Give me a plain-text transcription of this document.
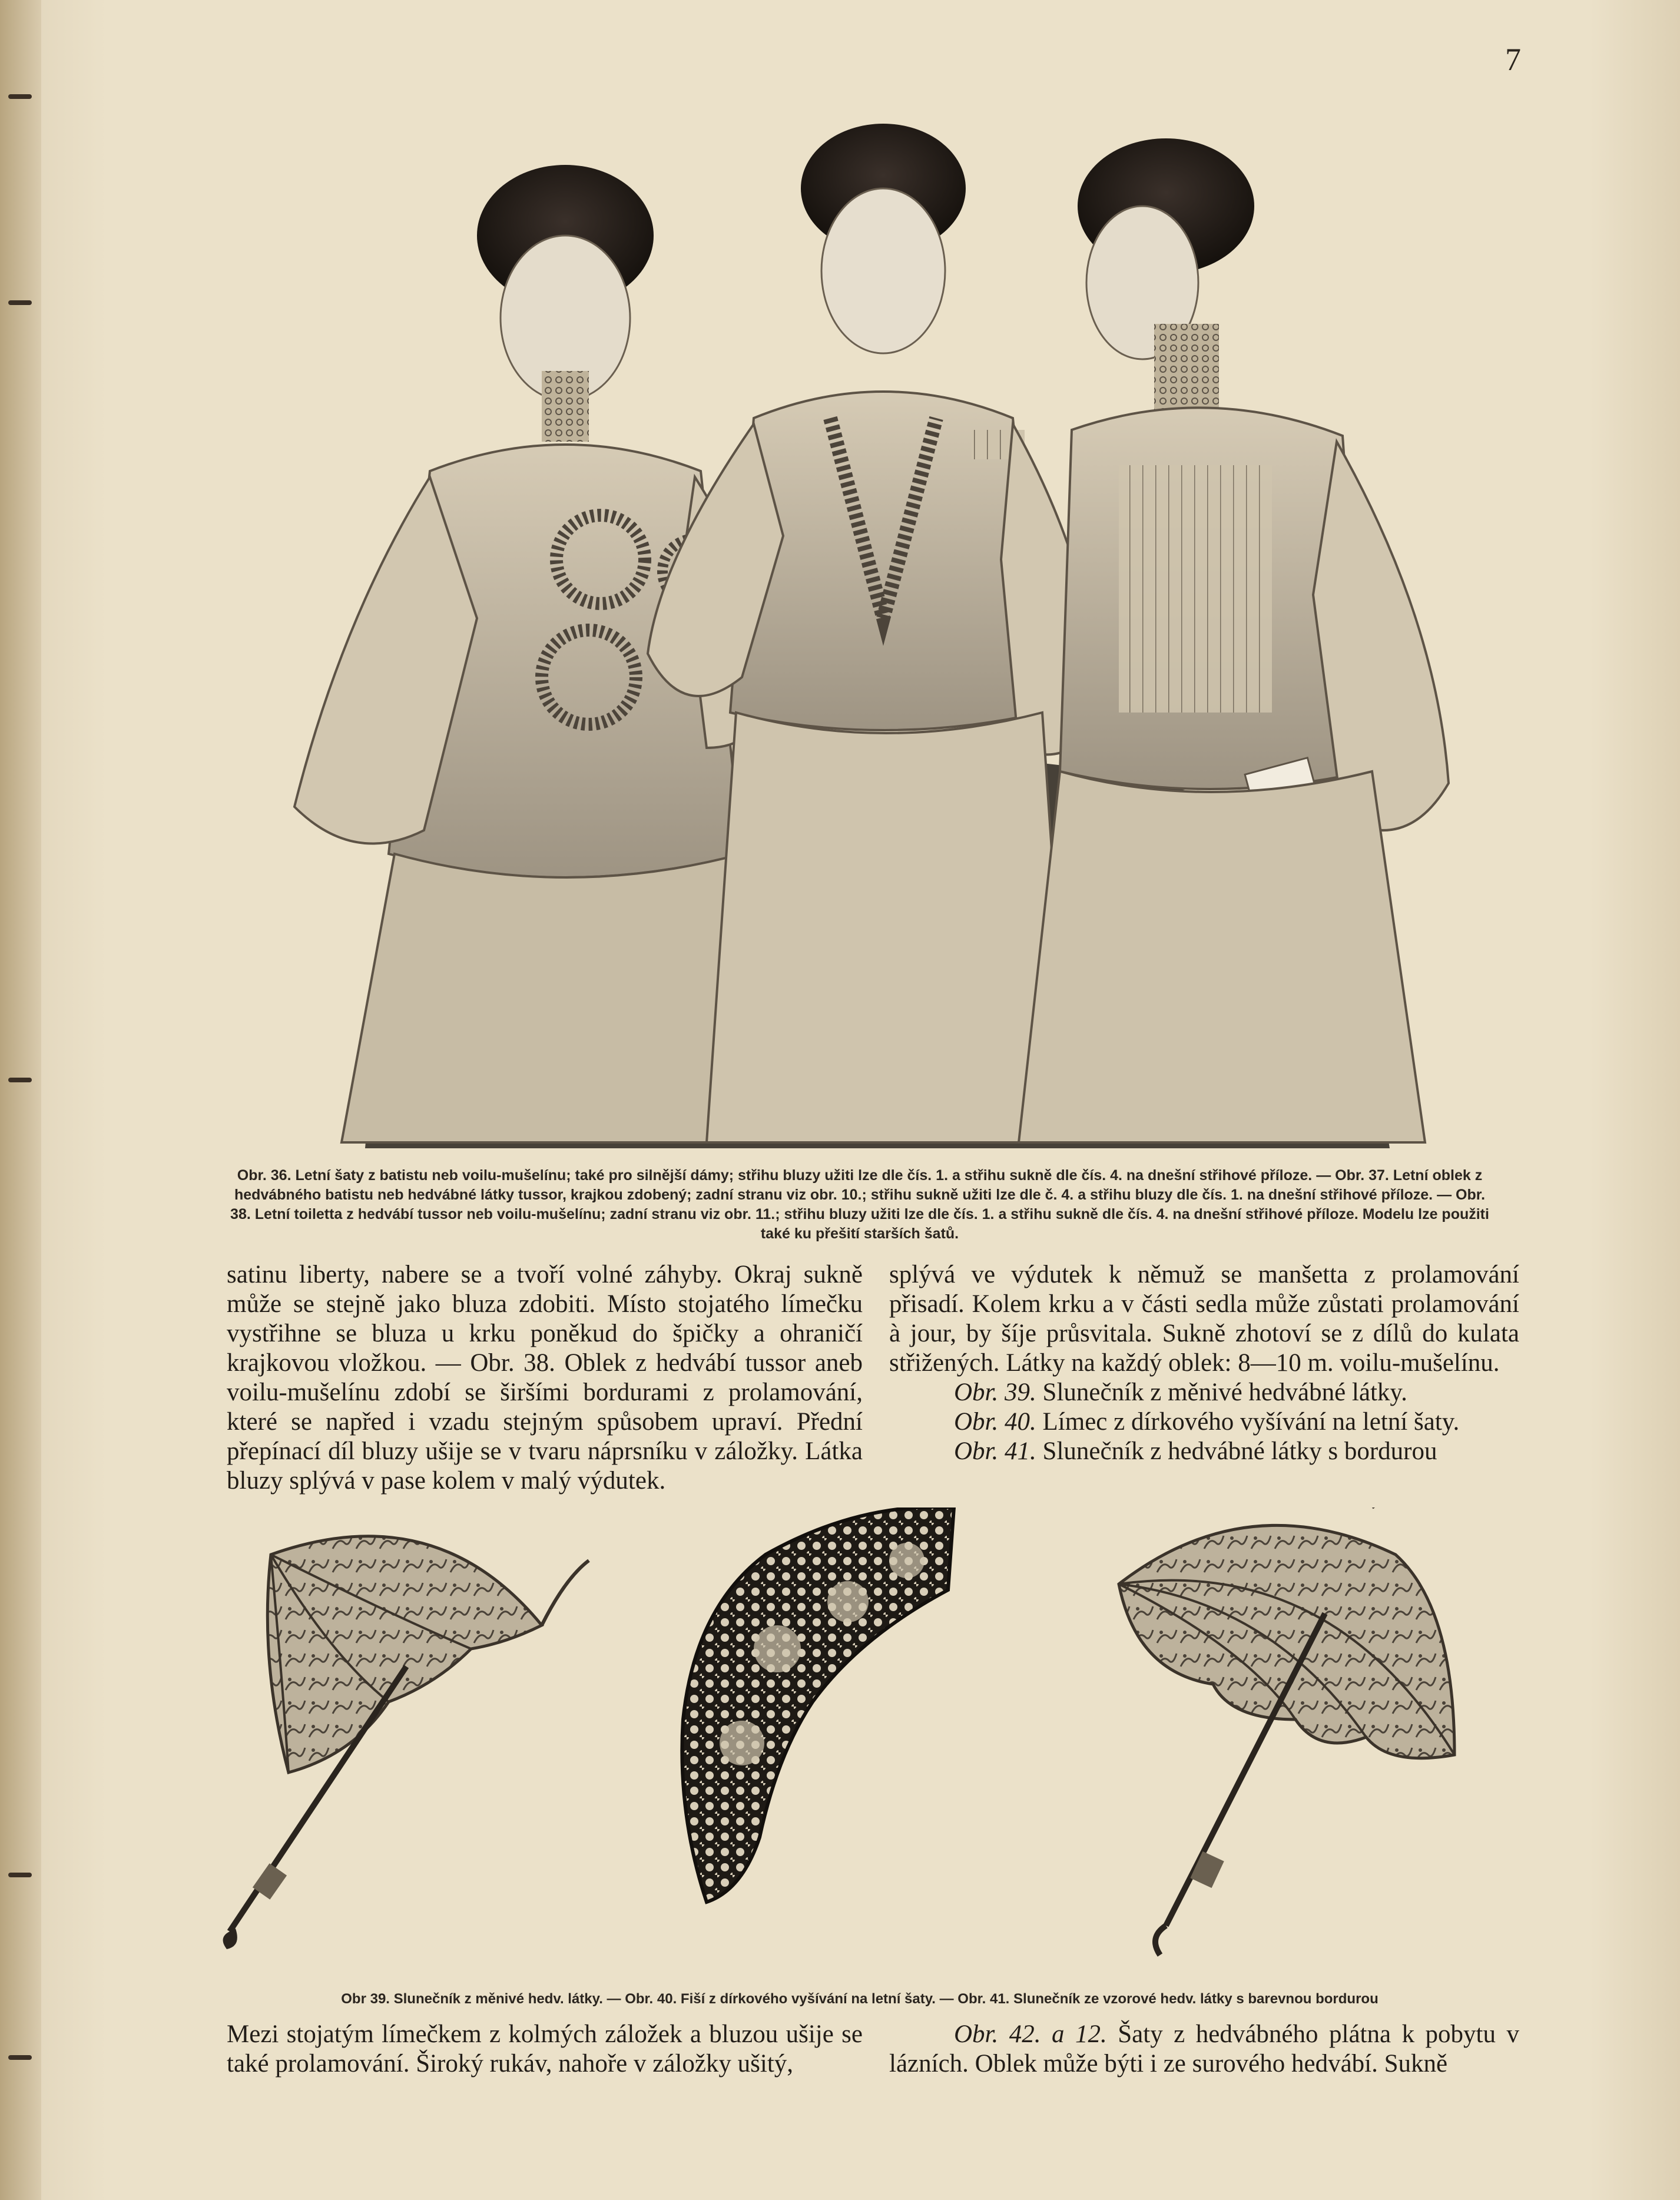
7
Obr. 36. Letní šaty z batistu neb voilu-mušelínu; také pro silnější dámy; střihu bluzy užiti lze dle čís. 1. a střihu sukně dle čís. 4. na dnešní střihové příloze. — Obr. 37. Letní oblek z hedvábného batistu neb hedvábné látky tussor, krajkou zdobený; zadní stranu viz obr. 10.; střihu sukně užiti lze dle č. 4. a střihu bluzy dle čís. 1. na dnešní střihové příloze. — Obr. 38. Letní toiletta z hedvábí tussor neb voilu-mušelínu; zadní stranu viz obr. 11.; střihu bluzy užiti lze dle čís. 1. a střihu sukně dle čís. 4. na dnešní střihové příloze. Modelu lze použiti také ku přešití starších šatů.

satinu liberty, nabere se a tvoří volné záhyby. Okraj sukně může se stejně jako bluza zdobiti. Místo stojatého límečku vystřihne se bluza u krku poněkud do špičky a ohraničí krajkovou vložkou. — Obr. 38. Oblek z hedvábí tussor aneb voilu-mušelínu zdobí se širšími bordurami z prolamování, které se napřed i vzadu stejným spůsobem upraví. Přední přepínací díl bluzy ušije se v tvaru náprsníku v záložky. Látka bluzy splývá v pase kolem v malý výdutek.

splývá ve výdutek k němuž se manšetta z prolamování přisadí. Kolem krku a v části sedla může zůstati prolamování à jour, by šíje průsvitala. Sukně zhotoví se z dílů do kulata střižených. Látky na každý oblek: 8—10 m. voilu-mušelínu.

Obr. 39. Slunečník z měnivé hedvábné látky.

Obr. 40. Límec z dírkového vyšívání na letní šaty.

Obr. 41. Slunečník z hedvábné látky s bordurou

Obr 39. Slunečník z měnivé hedv. látky. — Obr. 40. Fiší z dírkového vyšívání na letní šaty. — Obr. 41. Slunečník ze vzorové hedv. látky s barevnou bordurou

Mezi stojatým límečkem z kolmých záložek a bluzou ušije se také prolamování. Široký rukáv, nahoře v záložky ušitý,

Obr. 42. a 12. Šaty z hedvábného plátna k pobytu v lázních. Oblek může býti i ze surového hedvábí. Sukně
